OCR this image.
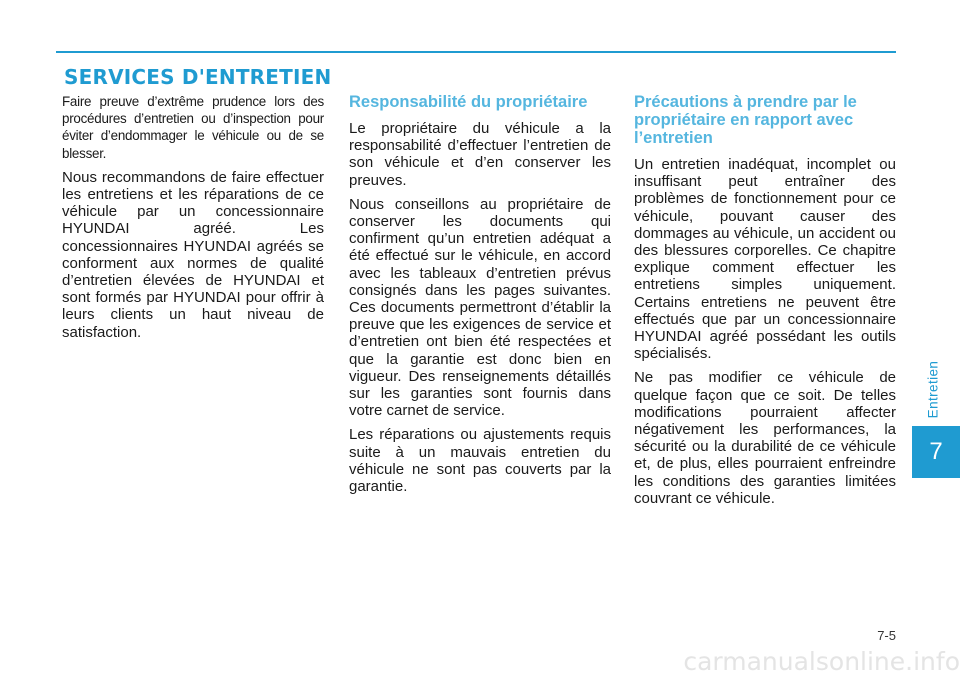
SERVICES D'ENTRETIEN

Faire preuve d’extrême prudence lors des procédures d’entretien ou d’inspection pour éviter d’endommager le véhicule ou de se blesser.

Nous recommandons de faire effectuer les entretiens et les réparations de ce véhicule par un concessionnaire HYUNDAI agréé. Les concessionnaires HYUNDAI agréés se conforment aux normes de qualité d’entretien élevées de HYUNDAI et sont formés par HYUNDAI pour offrir à leurs clients un haut niveau de satisfaction.

Responsabilité du propriétaire

Le propriétaire du véhicule a la responsabilité d’effectuer l’entretien de son véhicule et d’en conserver les preuves.

Nous conseillons au propriétaire de conserver les documents qui confirment qu’un entretien adéquat a été effectué sur le véhicule, en accord avec les tableaux d’entretien prévus consignés dans les pages suivantes. Ces documents permettront d’établir la preuve que les exigences de service et d’entretien ont bien été respectées et que la garantie est donc bien en vigueur. Des renseignements détaillés sur les garanties sont fournis dans votre carnet de service.

Les réparations ou ajustements requis suite à un mauvais entretien du véhicule ne sont pas couverts par la garantie.

Précautions à prendre par le propriétaire en rapport avec l’entretien

Un entretien inadéquat, incomplet ou insuffisant peut entraîner des problèmes de fonctionnement pour ce véhicule, pouvant causer des dommages au véhicule, un accident ou des blessures corporelles. Ce chapitre explique comment effectuer les entretiens simples uniquement. Certains entretiens ne peuvent être effectués que par un concessionnaire HYUNDAI agréé possédant les outils spécialisés.

Ne pas modifier ce véhicule de quelque façon que ce soit. De telles modifications pourraient affecter négativement les performances, la sécurité ou la durabilité de ce véhicule et, de plus, elles pourraient enfreindre les conditions des garanties limitées couvrant ce véhicule.

Entretien
7
7-5
carmanualsonline.info
